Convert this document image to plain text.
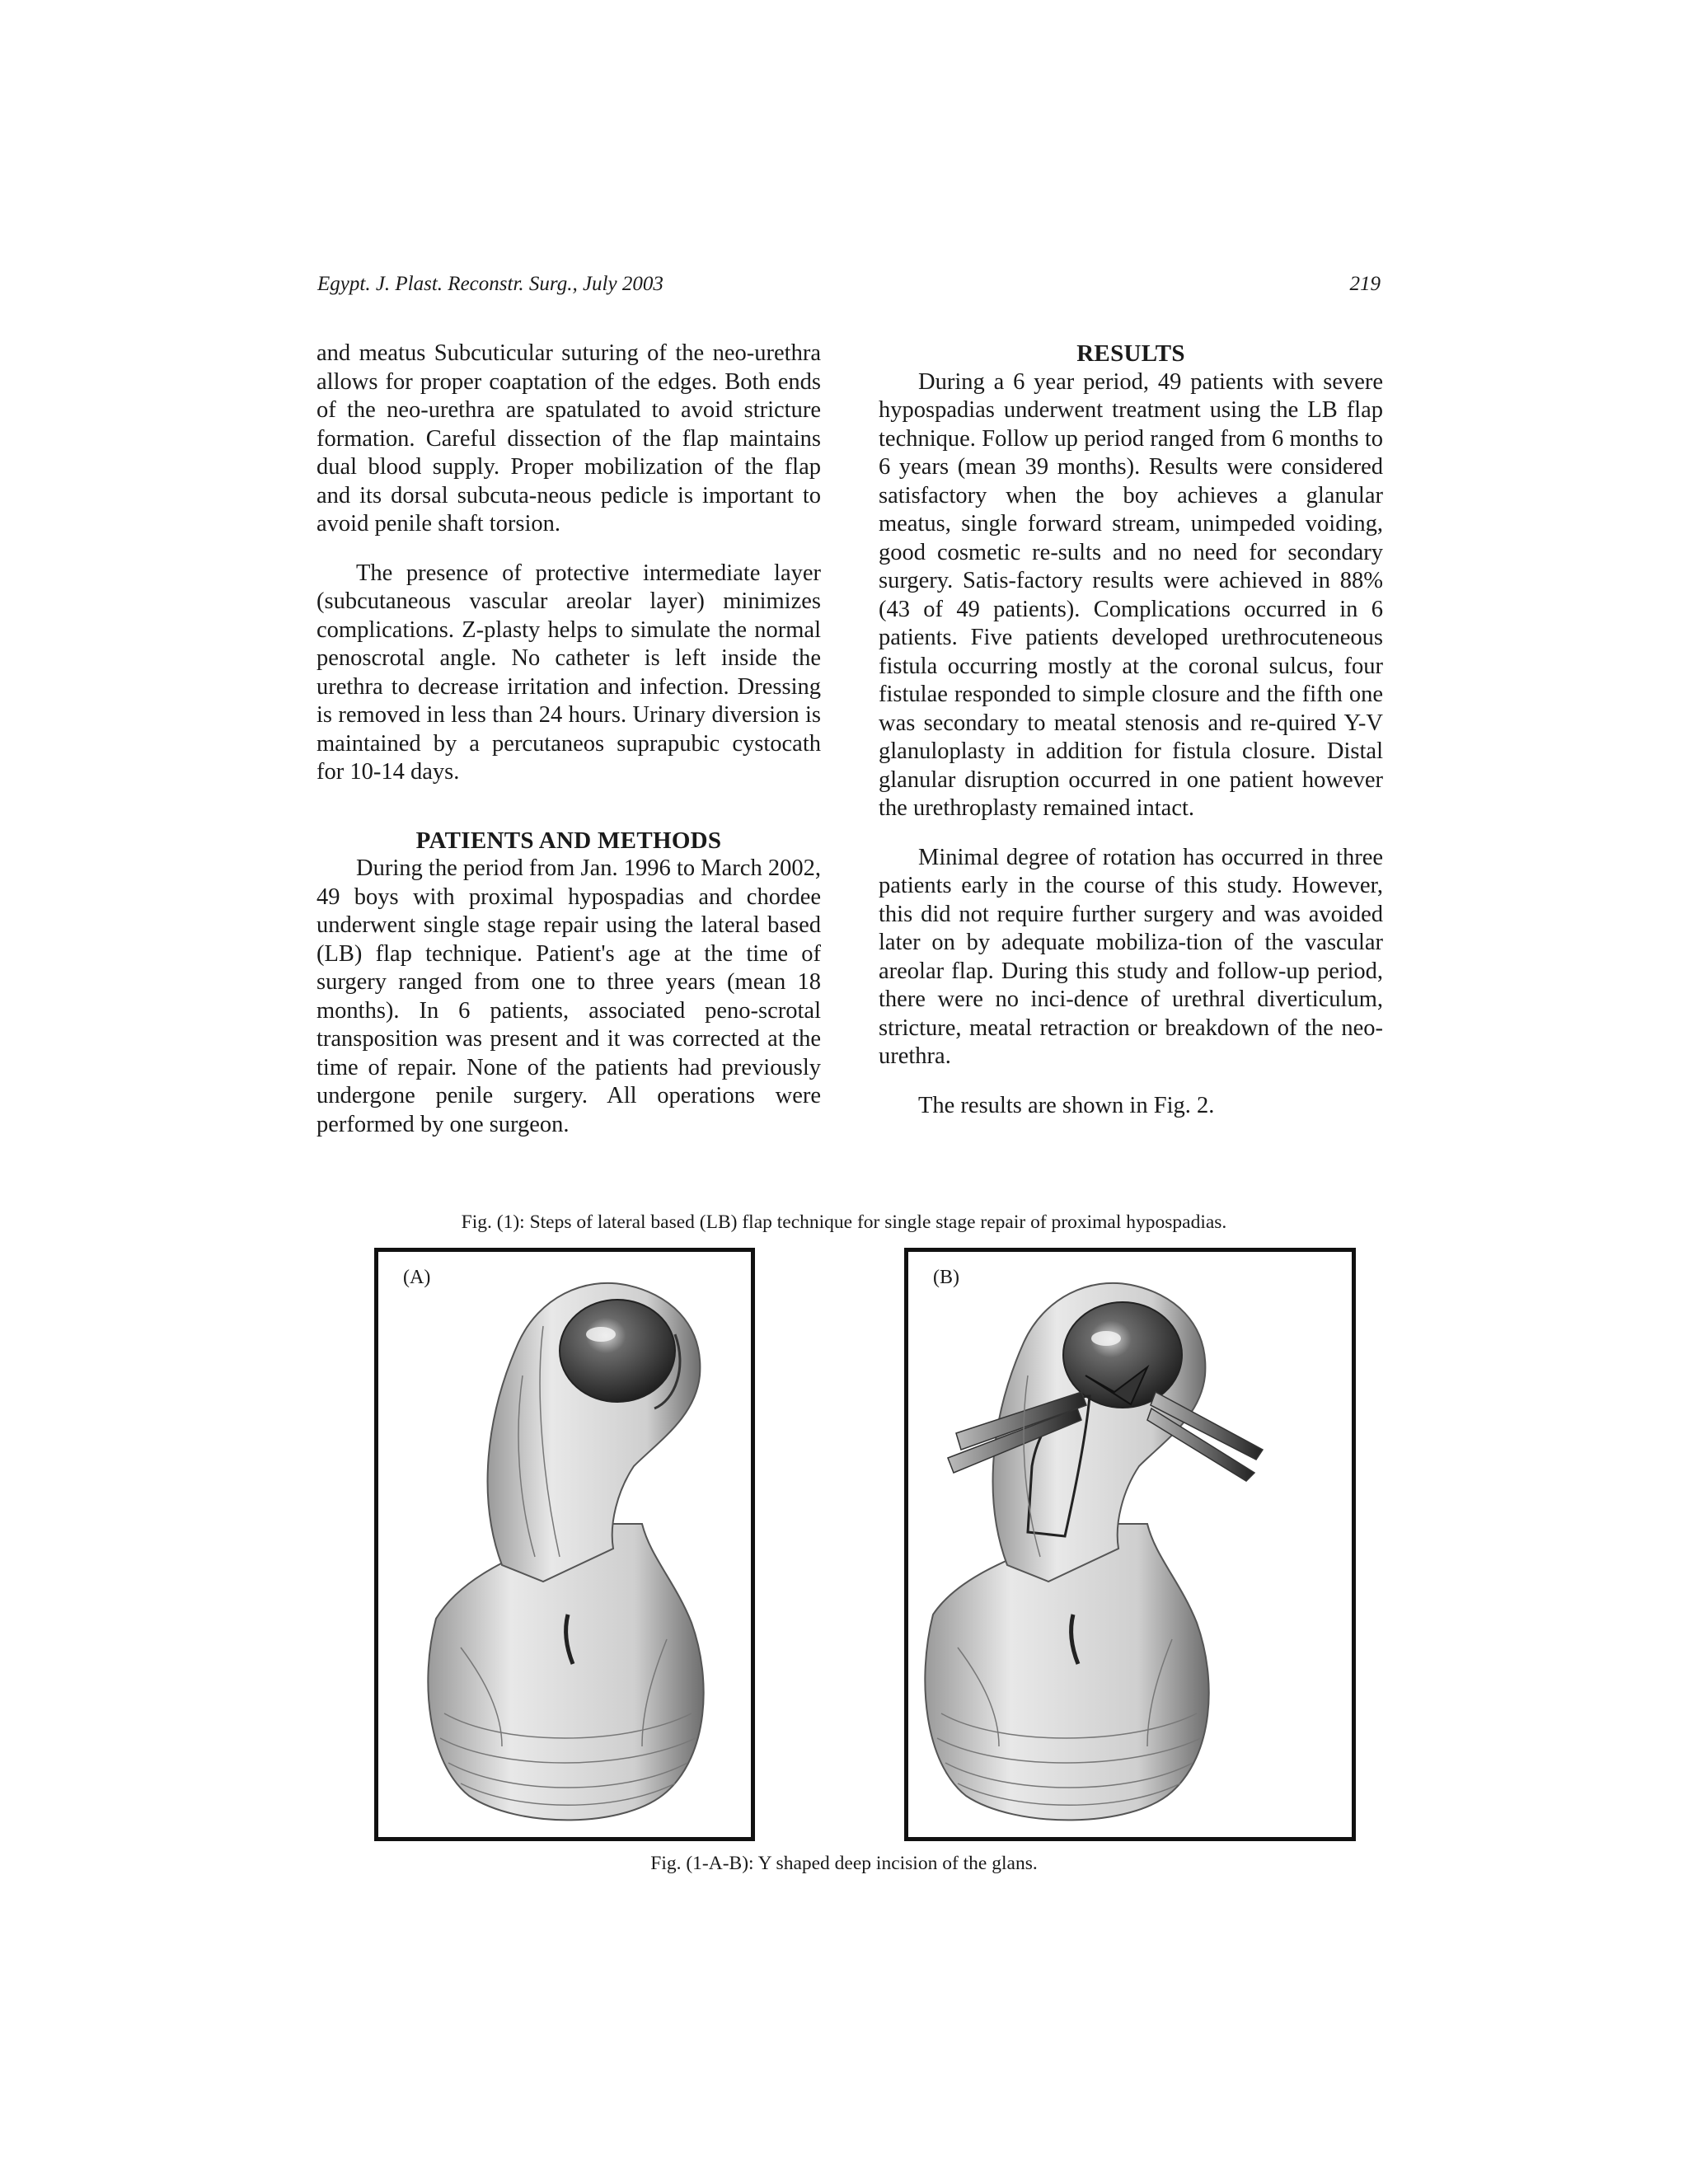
Egypt. J. Plast. Reconstr. Surg., July 2003	219

and meatus Subcuticular suturing of the neo-urethra allows for proper coaptation of the edges. Both ends of the neo-urethra are spatulated to avoid stricture formation. Careful dissection of the flap maintains dual blood supply. Proper mobilization of the flap and its dorsal subcuta-neous pedicle is important to avoid penile shaft torsion.

The presence of protective intermediate layer (subcutaneous vascular areolar layer) minimizes complications. Z-plasty helps to simulate the normal penoscrotal angle. No catheter is left inside the urethra to decrease irritation and infection. Dressing is removed in less than 24 hours. Urinary diversion is maintained by a percutaneos suprapubic cystocath for 10-14 days.

PATIENTS AND METHODS

During the period from Jan. 1996 to March 2002, 49 boys with proximal hypospadias and chordee underwent single stage repair using the lateral based (LB) flap technique. Patient's age at the time of surgery ranged from one to three years (mean 18 months). In 6 patients, associated peno-scrotal transposition was present and it was corrected at the time of repair. None of the patients had previously undergone penile surgery. All operations were performed by one surgeon.

RESULTS

During a 6 year period, 49 patients with severe hypospadias underwent treatment using the LB flap technique. Follow up period ranged from 6 months to 6 years (mean 39 months). Results were considered satisfactory when the boy achieves a glanular meatus, single forward stream, unimpeded voiding, good cosmetic re-sults and no need for secondary surgery. Satis-factory results were achieved in 88% (43 of 49 patients). Complications occurred in 6 patients. Five patients developed urethrocuteneous fistula occurring mostly at the coronal sulcus, four fistulae responded to simple closure and the fifth one was secondary to meatal stenosis and re-quired Y-V glanuloplasty in addition for fistula closure. Distal glanular disruption occurred in one patient however the urethroplasty remained intact.

Minimal degree of rotation has occurred in three patients early in the course of this study. However, this did not require further surgery and was avoided later on by adequate mobiliza-tion of the vascular areolar flap. During this study and follow-up period, there were no inci-dence of urethral diverticulum, stricture, meatal retraction or breakdown of the neo-urethra.

The results are shown in Fig. 2.

Fig. (1): Steps of lateral based (LB) flap technique for single stage repair of proximal hypospadias.
(A)	(B)
Fig. (1-A-B): Y shaped deep incision of the glans.
